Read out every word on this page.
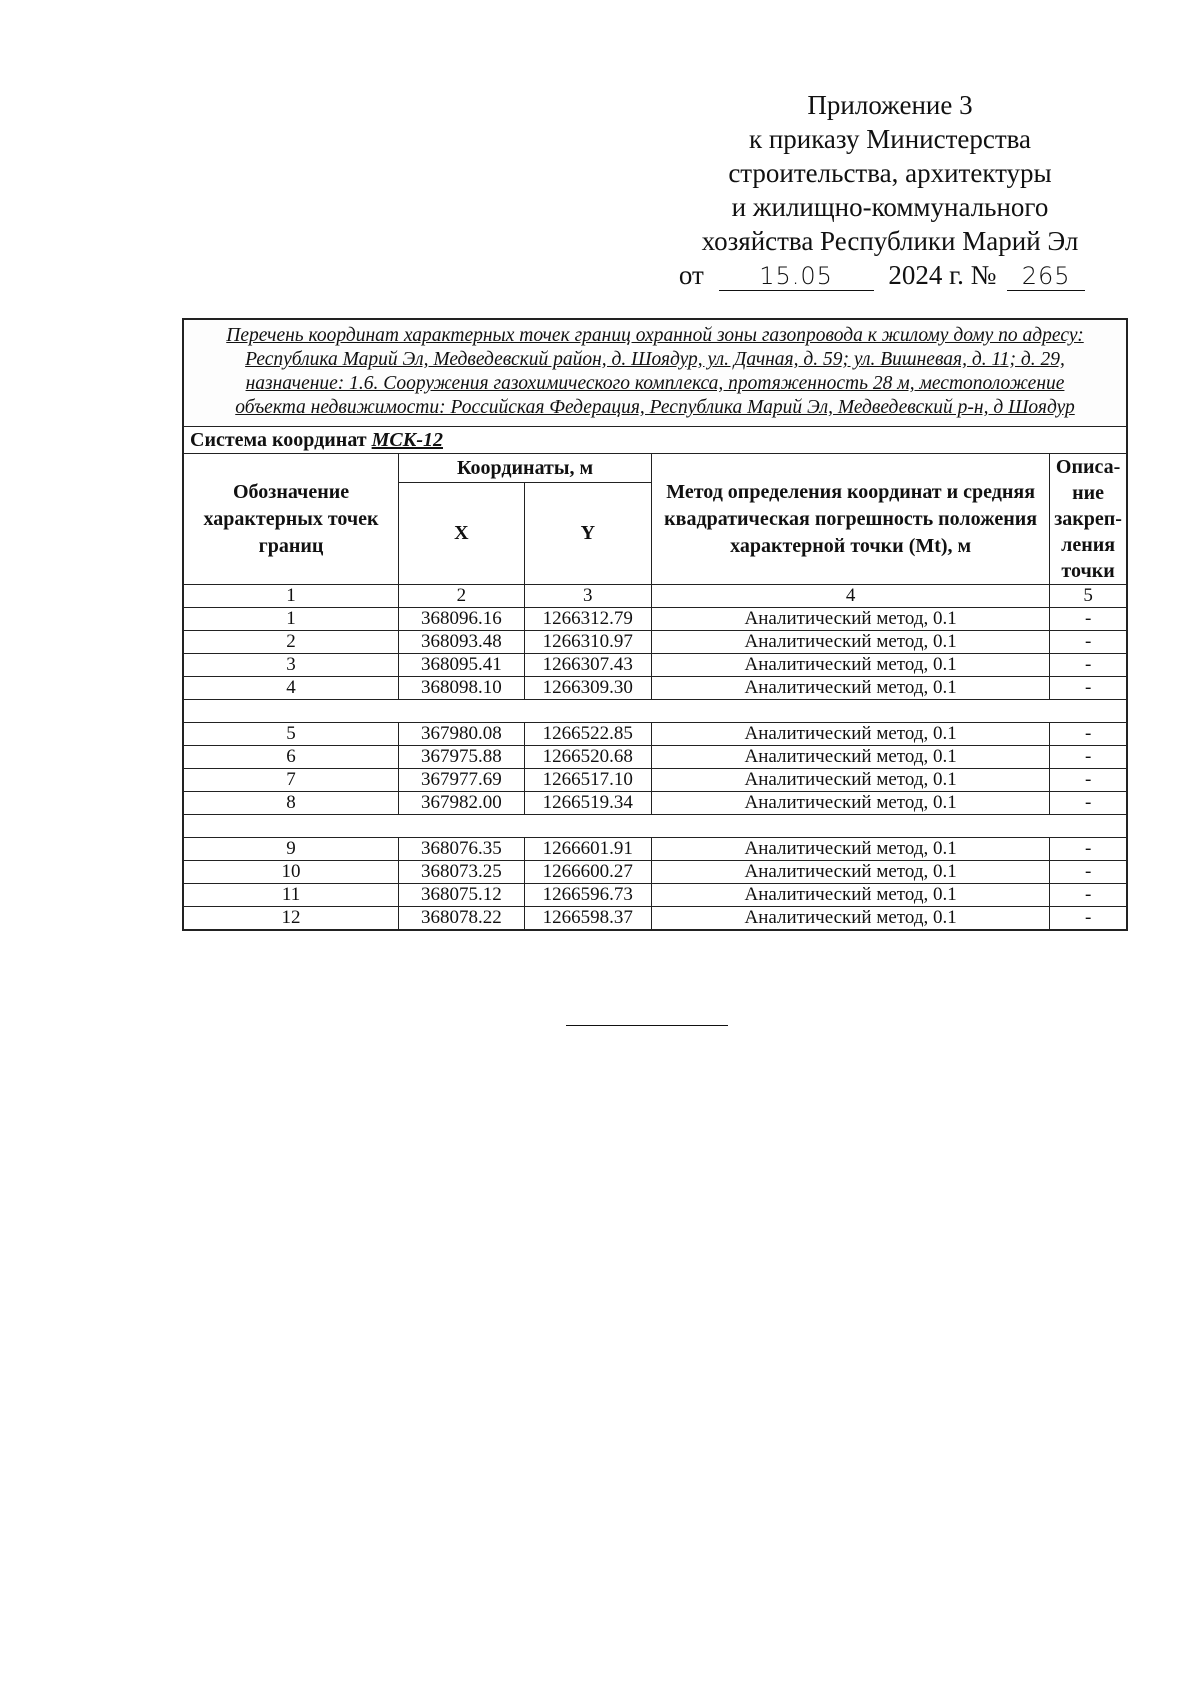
Приложение 3
к приказу Министерства
строительства, архитектуры
и жилищно-коммунального
хозяйства Республики Марий Эл
от 15.05 2024 г. № 265
Перечень координат характерных точек границ охранной зоны газопровода к жилому дому по адресу: Республика Марий Эл, Медведевский район, д. Шоядур, ул. Дачная, д. 59; ул. Вишневая, д. 11; д. 29, назначение: 1.6. Сооружения газохимического комплекса, протяженность 28 м, местоположение объекта недвижимости: Российская Федерация, Республика Марий Эл, Медведевский р-н, д Шоядур				
Система координат МСК-12				
Обозначение характерных точек границ	Координаты, м		Метод определения координат и средняя квадратическая погрешность положения характерной точки (Mt), м	Описа-ние закреп-ления точки
	X	Y		
1	2	3	4	5
1	368096.16	1266312.79	Аналитический метод, 0.1	-
2	368093.48	1266310.97	Аналитический метод, 0.1	-
3	368095.41	1266307.43	Аналитический метод, 0.1	-
4	368098.10	1266309.30	Аналитический метод, 0.1	-

5	367980.08	1266522.85	Аналитический метод, 0.1	-
6	367975.88	1266520.68	Аналитический метод, 0.1	-
7	367977.69	1266517.10	Аналитический метод, 0.1	-
8	367982.00	1266519.34	Аналитический метод, 0.1	-

9	368076.35	1266601.91	Аналитический метод, 0.1	-
10	368073.25	1266600.27	Аналитический метод, 0.1	-
11	368075.12	1266596.73	Аналитический метод, 0.1	-
12	368078.22	1266598.37	Аналитический метод, 0.1	-
